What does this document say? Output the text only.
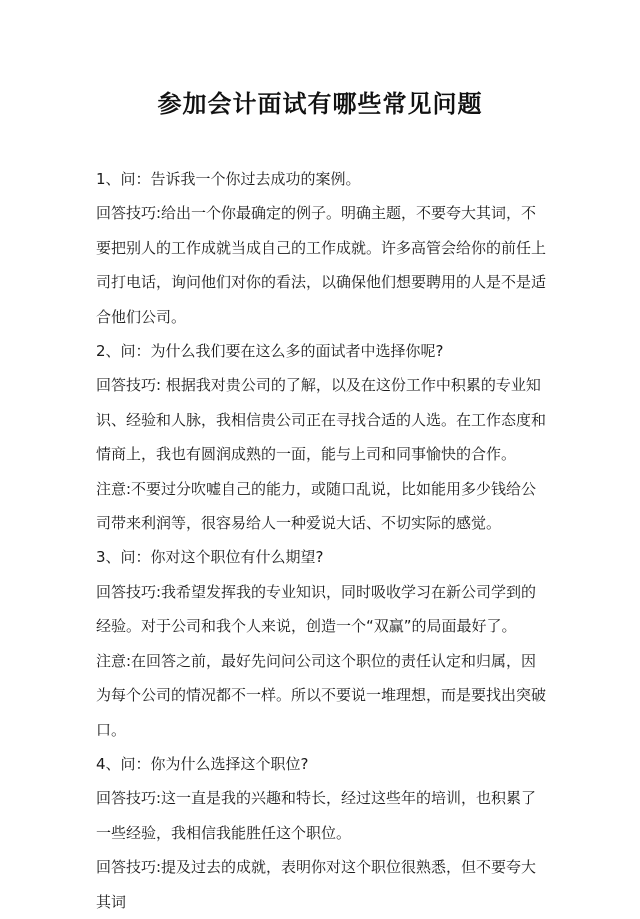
参加会计面试有哪些常见问题

1、问：告诉我一个你过去成功的案例。

回答技巧:给出一个你最确定的例子。明确主题，不要夸大其词，不要把别人的工作成就当成自己的工作成就。许多高管会给你的前任上司打电话，询问他们对你的看法，以确保他们想要聘用的人是不是适合他们公司。

2、问：为什么我们要在这么多的面试者中选择你呢?

回答技巧: 根据我对贵公司的了解，以及在这份工作中积累的专业知识、经验和人脉，我相信贵公司正在寻找合适的人选。在工作态度和情商上，我也有圆润成熟的一面，能与上司和同事愉快的合作。

注意:不要过分吹嘘自己的能力，或随口乱说，比如能用多少钱给公司带来利润等，很容易给人一种爱说大话、不切实际的感觉。

3、问：你对这个职位有什么期望?

回答技巧:我希望发挥我的专业知识，同时吸收学习在新公司学到的经验。对于公司和我个人来说，创造一个“双赢”的局面最好了。

注意:在回答之前，最好先问问公司这个职位的责任认定和归属，因为每个公司的情况都不一样。所以不要说一堆理想，而是要找出突破口。

4、问：你为什么选择这个职位?

回答技巧:这一直是我的兴趣和特长，经过这些年的培训，也积累了一些经验，我相信我能胜任这个职位。

回答技巧:提及过去的成就，表明你对这个职位很熟悉，但不要夸大其词
